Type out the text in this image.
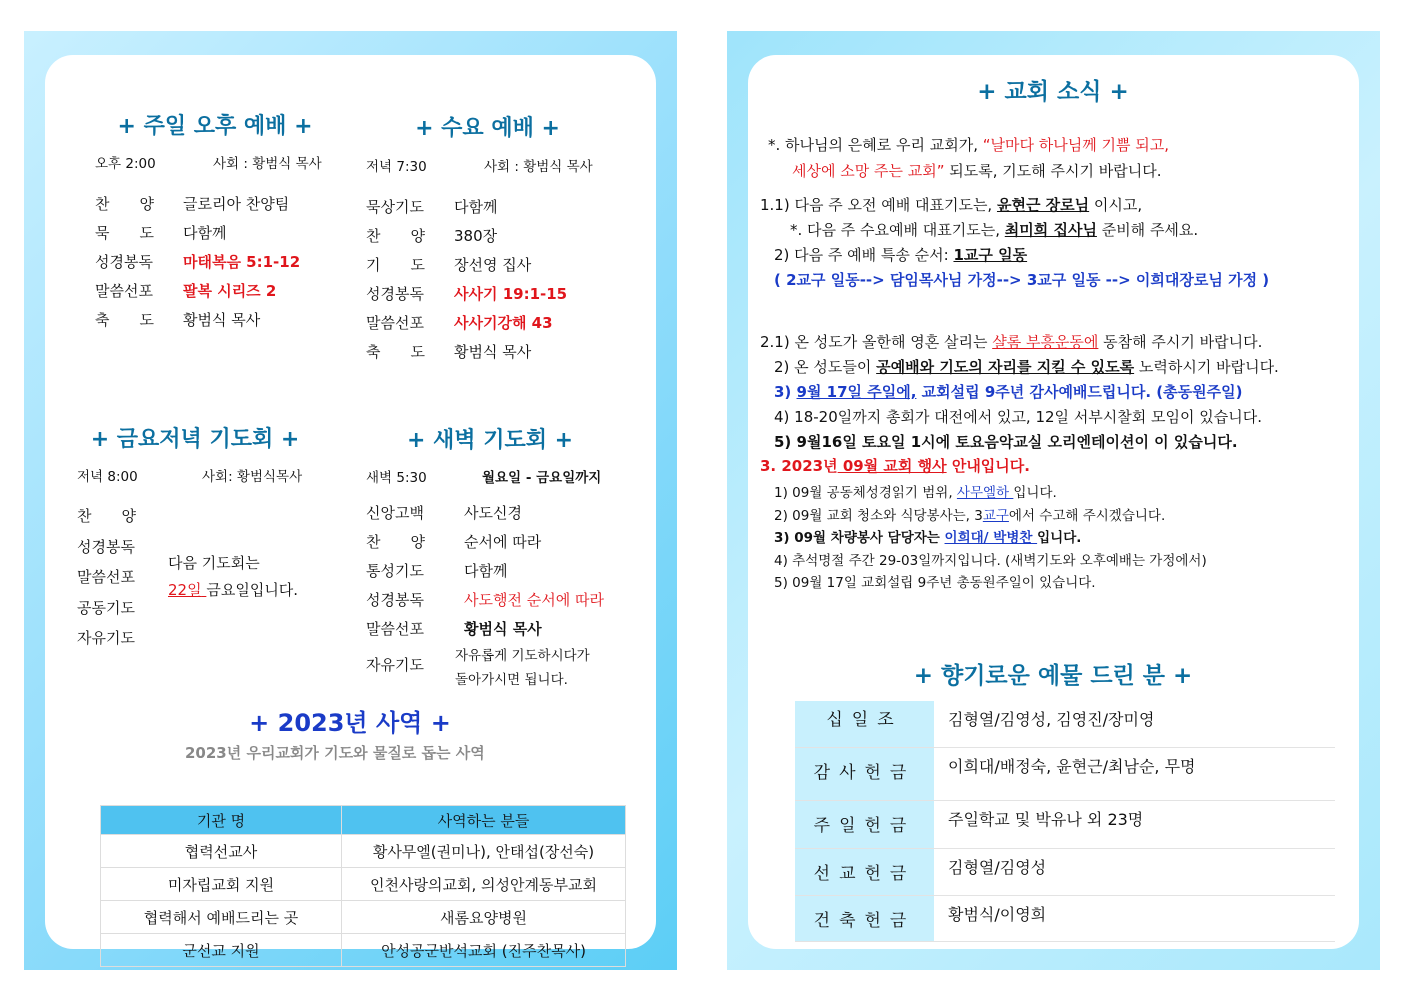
+ 주일 오후 예배 +
오후 2:00	사회 : 황범식 목사
찬　　양 글로리아 찬양팀
묵　　도 다함께
성경봉독 마태복음 5:1-12
말씀선포 팔복 시리즈 2
축　　도 황범식 목사
+ 수요 예배 +
저녁 7:30	사회 : 황범식 목사
묵상기도 다함께
찬　　양 380장
기　　도 장선영 집사
성경봉독 사사기 19:1-15
말씀선포 사사기강해 43
축　　도 황범식 목사
+ 금요저녁 기도회 +
저녁 8:00	사회: 황범식목사
찬　　양
성경봉독
말씀선포
공동기도
자유기도
다음 기도회는
22일 금요일입니다.
+ 새벽 기도회 +
새벽 5:30	월요일 - 금요일까지
신앙고백	사도신경
찬　　양	순서에 따라
통성기도	다함께
성경봉독	사도행전 순서에 따라
말씀선포	황범식 목사
자유기도 자유롭게 기도하시다가
돌아가시면 됩니다.
+ 2023년 사역 +
2023년 우리교회가 기도와 물질로 돕는 사역
기관 명	사역하는 분들
협력선교사	황사무엘(권미나), 안태섭(장선숙)
미자립교회 지원	인천사랑의교회, 의성안계동부교회
협력해서 예배드리는 곳	새롬요양병원
군선교 지원	안성공군반석교회 (진주찬목사)
+ 교회 소식 +
*. 하나님의 은혜로 우리 교회가, “날마다 하나님께 기쁨 되고,
세상에 소망 주는 교회” 되도록, 기도해 주시기 바랍니다.
1.1) 다음 주 오전 예배 대표기도는, 윤현근 장로님 이시고,
*. 다음 주 수요예배 대표기도는, 최미희 집사님 준비해 주세요.
2) 다음 주 예배 특송 순서: 1교구 일동
( 2교구 일동--> 담임목사님 가정--> 3교구 일동 --> 이희대장로님 가정 )
2.1) 온 성도가 올한해 영혼 살리는 샬롬 부흥운동에 동참해 주시기 바랍니다.
2) 온 성도들이 공예배와 기도의 자리를 지킬 수 있도록 노력하시기 바랍니다.
3) 9월 17일 주일에, 교회설립 9주년 감사예배드립니다. (총동원주일)
4) 18-20일까지 총회가 대전에서 있고, 12일 서부시찰회 모임이 있습니다.
5) 9월16일 토요일 1시에 토요음악교실 오리엔테이션이 이 있습니다.
3. 2023년 09월 교회 행사 안내입니다.
1) 09월 공동체성경읽기 범위, 사무엘하 입니다.
2) 09월 교회 청소와 식당봉사는, 3교구에서 수고해 주시겠습니다.
3) 09월 차량봉사 담당자는 이희대/ 박병찬 입니다.
4) 추석명절 주간 29-03일까지입니다. (새벽기도와 오후예배는 가정에서)
5) 09월 17일 교회설립 9주년 총동원주일이 있습니다.
+ 향기로운 예물 드린 분 +
십일조	김형열/김영성, 김영진/장미영
감사헌금	이희대/배정숙, 윤현근/최남순, 무명
주일헌금	주일학교 및 박유나 외 23명
선교헌금	김형열/김영성
건축헌금	황범식/이영희
